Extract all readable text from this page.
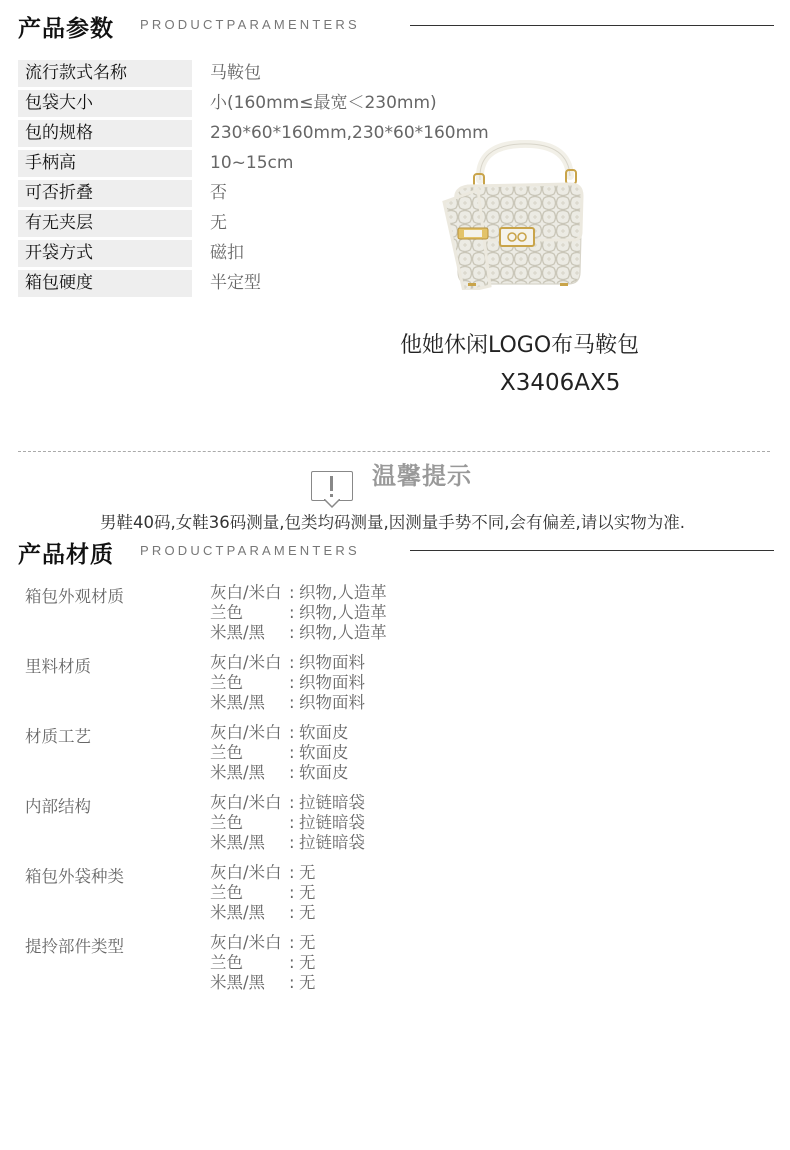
产品参数 PRODUCTPARAMENTERS
流行款式名称	马鞍包
包袋大小	小(160mm≤最宽＜230mm)
包的规格	230*60*160mm,230*60*160mm
手柄高	10~15cm
可否折叠	否
有无夹层	无
开袋方式	磁扣
箱包硬度	半定型
他她休闲LOGO布马鞍包
X3406AX5
温馨提示
男鞋40码,女鞋36码测量,包类均码测量,因测量手势不同,会有偏差,请以实物为准.
产品材质 PRODUCTPARAMENTERS
箱包外观材质	灰白/米白 : 织物,人造革
兰色	: 织物,人造革
米黑/黑 : 织物,人造革
里料材质	灰白/米白 : 织物面料
兰色	: 织物面料
米黑/黑 : 织物面料
材质工艺	灰白/米白 : 软面皮
兰色	: 软面皮
米黑/黑 : 软面皮
内部结构	灰白/米白 : 拉链暗袋
兰色	: 拉链暗袋
米黑/黑 : 拉链暗袋
箱包外袋种类	灰白/米白 : 无
兰色	: 无
米黑/黑 : 无
提拎部件类型	灰白/米白 : 无
兰色	: 无
米黑/黑 : 无
